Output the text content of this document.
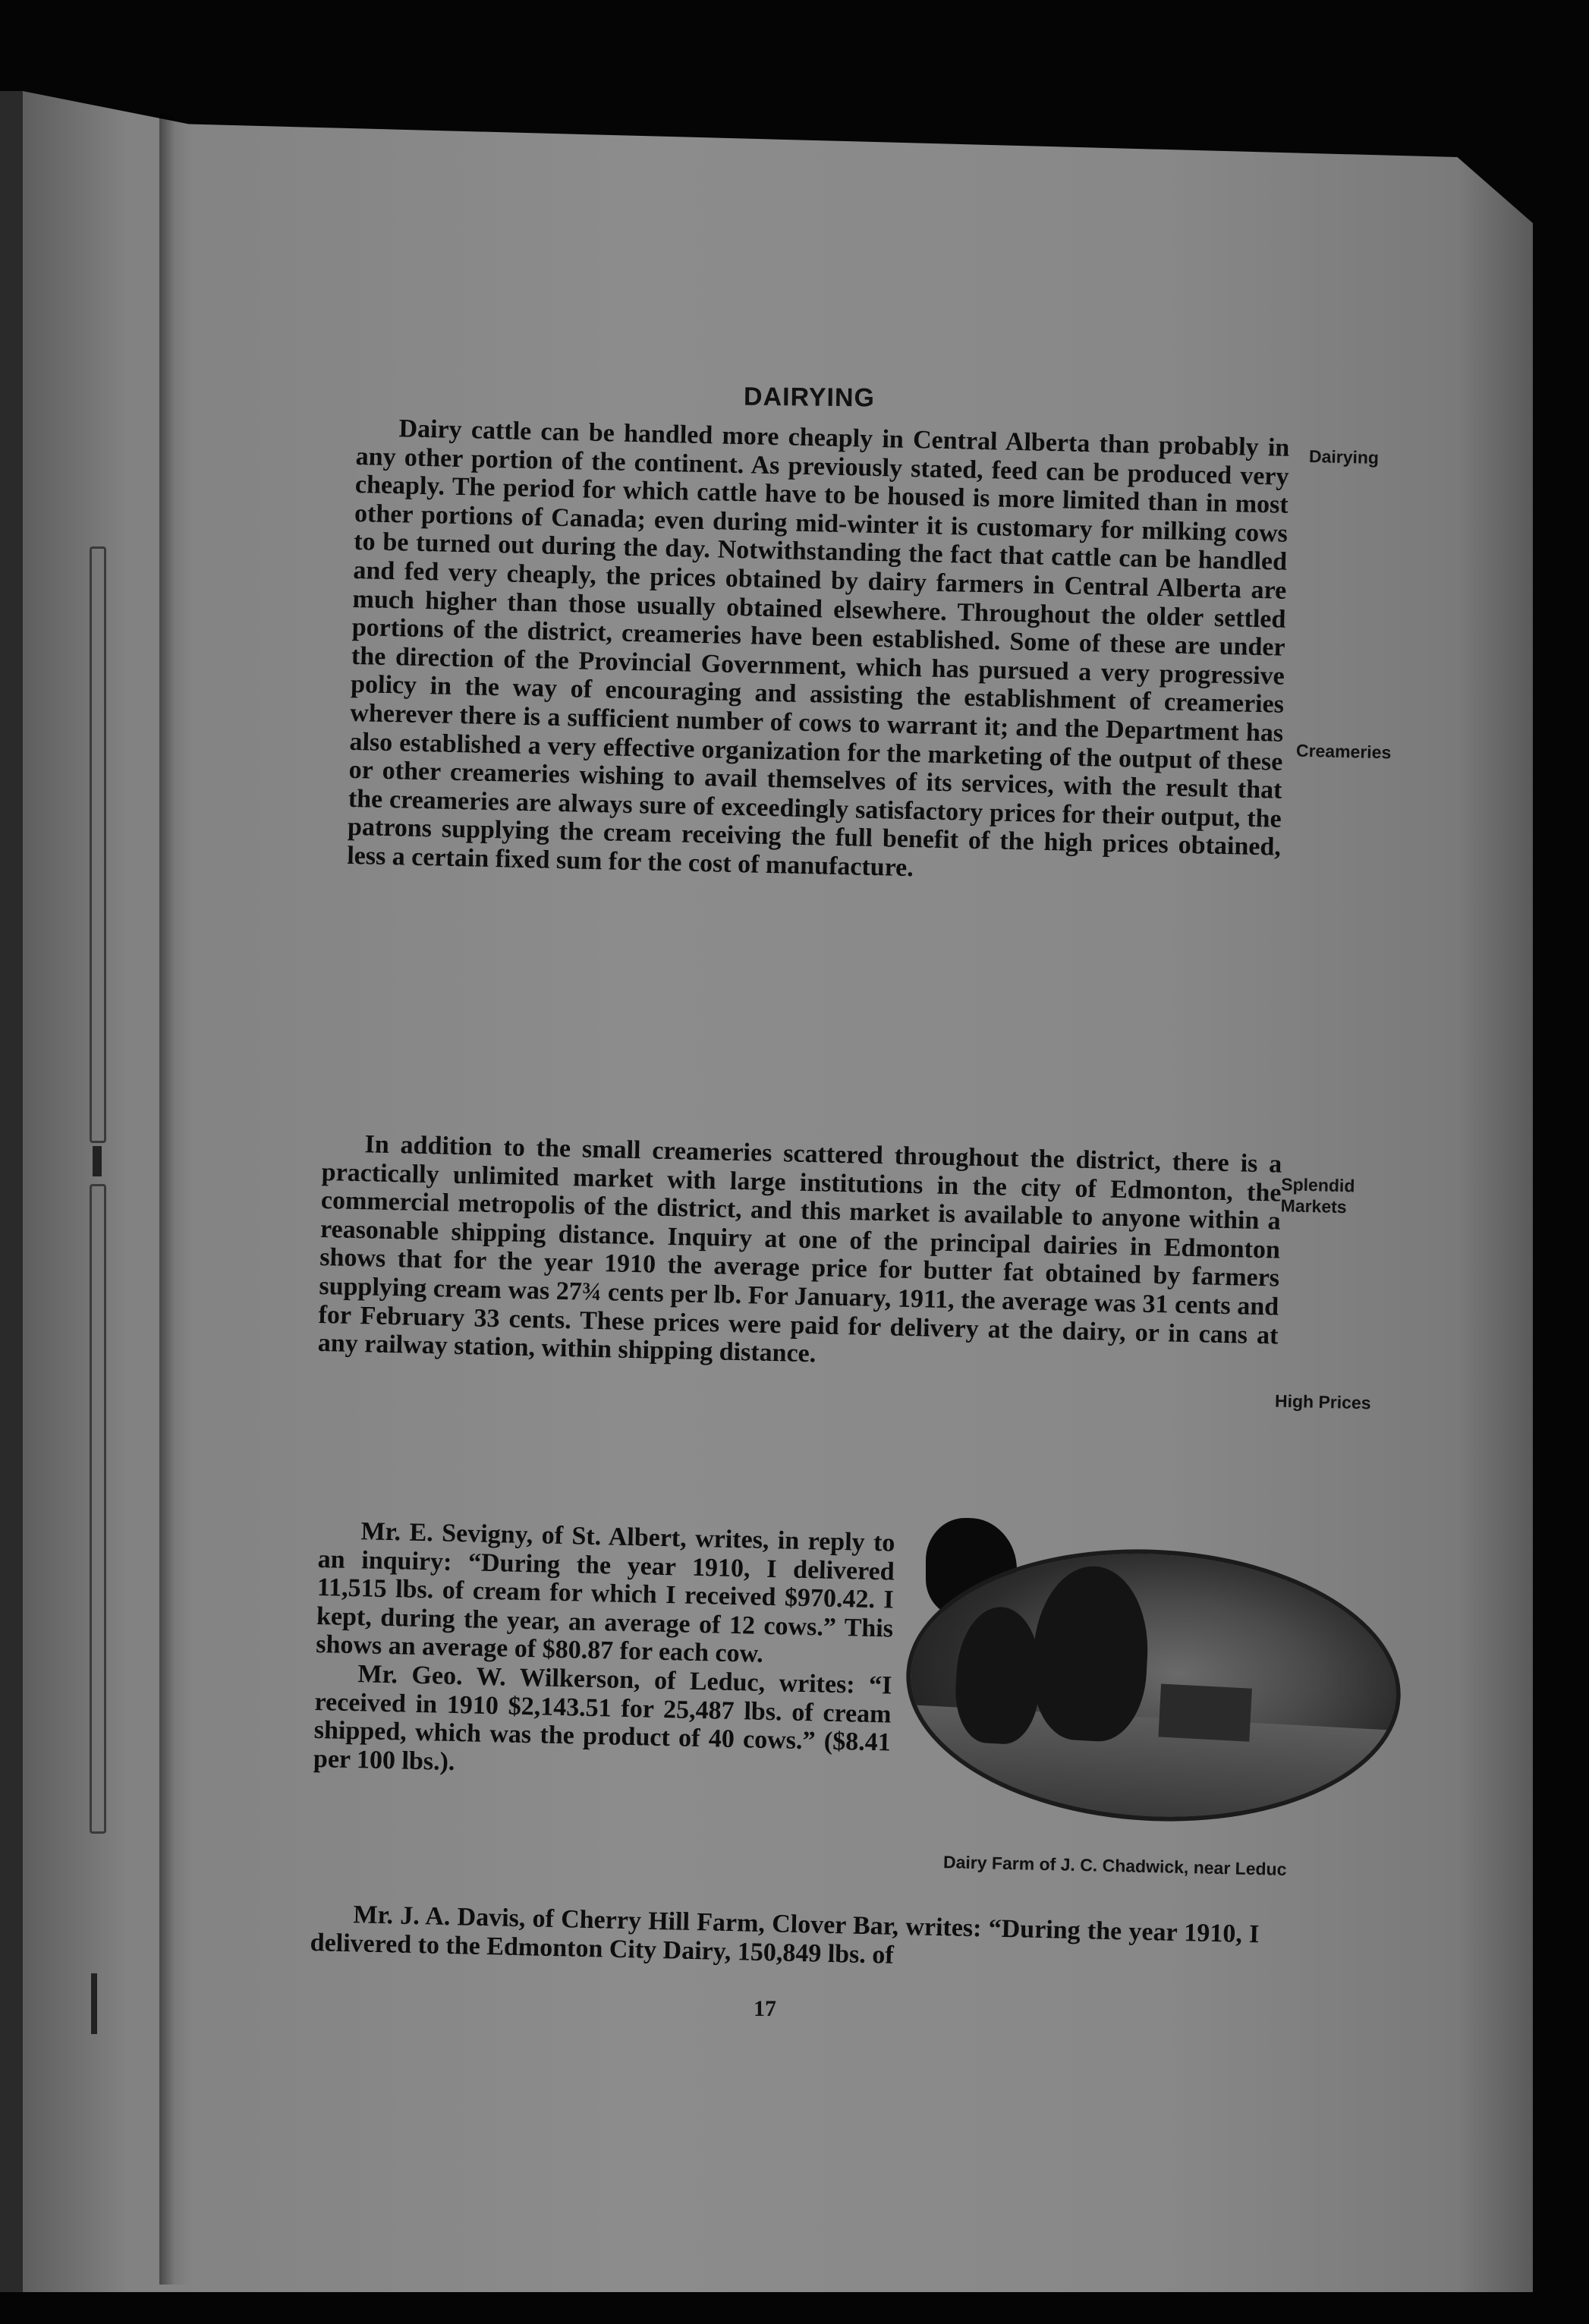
DAIRYING

Dairy cattle can be handled more cheaply in Central Alberta than probably in any other portion of the continent. As previously stated, feed can be produced very cheaply. The period for which cattle have to be housed is more limited than in most other portions of Canada; even during mid-winter it is customary for milking cows to be turned out during the day. Notwithstanding the fact that cattle can be handled and fed very cheaply, the prices obtained by dairy farmers in Central Alberta are much higher than those usually obtained elsewhere. Throughout the older settled portions of the district, creameries have been established. Some of these are under the direction of the Provincial Government, which has pursued a very progressive policy in the way of encouraging and assisting the establishment of creameries wherever there is a sufficient number of cows to warrant it; and the Department has also established a very effective organization for the marketing of the output of these or other creameries wishing to avail themselves of its services, with the result that the creameries are always sure of exceedingly satisfactory prices for their output, the patrons supplying the cream receiving the full benefit of the high prices obtained, less a certain fixed sum for the cost of manufacture.

In addition to the small creameries scattered throughout the district, there is a practically unlimited market with large institutions in the city of Edmonton, the commercial metropolis of the district, and this market is available to anyone within a reasonable shipping distance. Inquiry at one of the principal dairies in Edmonton shows that for the year 1910 the average price for butter fat obtained by farmers supplying cream was 27¾ cents per lb. For January, 1911, the average was 31 cents and for February 33 cents. These prices were paid for delivery at the dairy, or in cans at any railway station, within shipping distance.

Mr. E. Sevigny, of St. Albert, writes, in reply to an inquiry: “During the year 1910, I delivered 11,515 lbs. of cream for which I received $970.42. I kept, during the year, an average of 12 cows.” This shows an average of $80.87 for each cow.

Mr. Geo. W. Wilkerson, of Leduc, writes: “I received in 1910 $2,143.51 for 25,487 lbs. of cream shipped, which was the product of 40 cows.” ($8.41 per 100 lbs.).

Mr. J. A. Davis, of Cherry Hill Farm, Clover Bar, writes: “During the year 1910, I delivered to the Edmonton City Dairy, 150,849 lbs. of

Dairying
Creameries
Splendid Markets
High Prices
Dairy Farm of J. C. Chadwick, near Leduc
17
